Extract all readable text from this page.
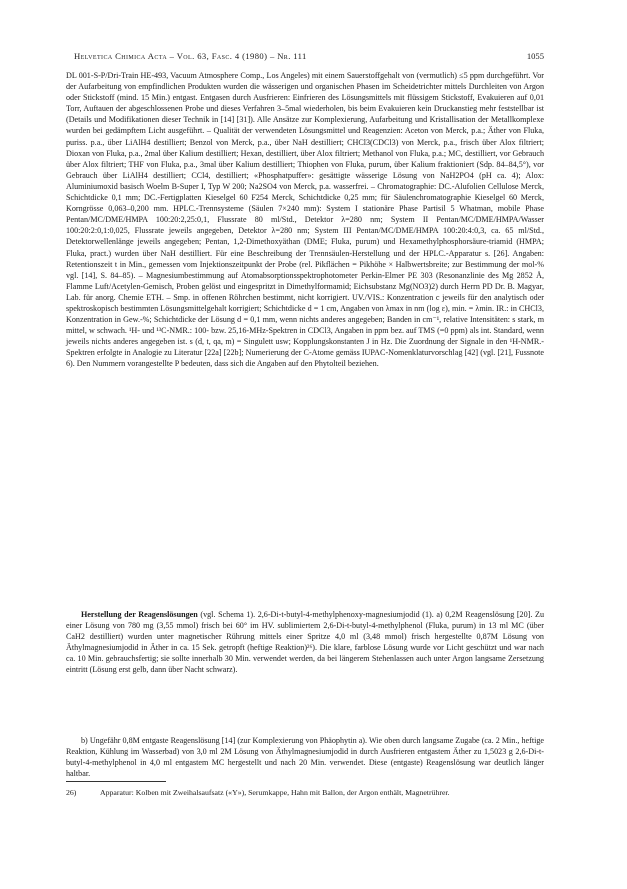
Helvetica Chimica Acta – Vol. 63, Fasc. 4 (1980) – Nr. 111	1055

DL 001-S-P/Dri-Train HE-493, Vacuum Atmosphere Comp., Los Angeles) mit einem Sauerstoffgehalt von (vermutlich) ≤5 ppm durchgeführt. Vor der Aufarbeitung von empfindlichen Produkten wurden die wässerigen und organischen Phasen im Scheidetrichter mittels Durchleiten von Argon oder Stickstoff (mind. 15 Min.) entgast. Entgasen durch Ausfrieren: Einfrieren des Lösungsmittels mit flüssigem Stickstoff, Evakuieren auf 0,01 Torr, Auftauen der abgeschlossenen Probe und dieses Verfahren 3–5mal wiederholen, bis beim Evakuieren kein Druckanstieg mehr feststellbar ist (Details und Modifikationen dieser Technik in [14] [31]). Alle Ansätze zur Komplexierung, Aufarbeitung und Kristallisation der Metallkomplexe wurden bei gedämpftem Licht ausgeführt. – Qualität der verwendeten Lösungsmittel und Reagenzien: Aceton von Merck, p.a.; Äther von Fluka, puriss. p.a., über LiAlH4 destilliert; Benzol von Merck, p.a., über NaH destilliert; CHCl3(CDCl3) von Merck, p.a., frisch über Alox filtriert; Dioxan von Fluka, p.a., 2mal über Kalium destilliert; Hexan, destilliert, über Alox filtriert; Methanol von Fluka, p.a.; MC, destilliert, vor Gebrauch über Alox filtriert; THF von Fluka, p.a., 3mal über Kalium destilliert; Thiophen von Fluka, purum, über Kalium fraktioniert (Sdp. 84–84,5°), vor Gebrauch über LiAlH4 destilliert; CCl4, destilliert; «Phosphatpuffer»: gesättigte wässerige Lösung von NaH2PO4 (pH ca. 4); Alox: Aluminiumoxid basisch Woelm B-Super I, Typ W 200; Na2SO4 von Merck, p.a. wasserfrei. – Chromatographie: DC.-Alufolien Cellulose Merck, Schichtdicke 0,1 mm; DC.-Fertigplatten Kieselgel 60 F254 Merck, Schichtdicke 0,25 mm; für Säulenchromatographie Kieselgel 60 Merck, Korngrösse 0,063–0,200 mm. HPLC.-Trennsysteme (Säulen 7×240 mm): System I stationäre Phase Partisil 5 Whatman, mobile Phase Pentan/MC/DME/HMPA 100:20:2,25:0,1, Flussrate 80 ml/Std., Detektor λ=280 nm; System II Pentan/MC/DME/HMPA/Wasser 100:20:2:0,1:0,025, Flussrate jeweils angegeben, Detektor λ=280 nm; System III Pentan/MC/DME/HMPA 100:20:4:0,3, ca. 65 ml/Std., Detektorwellenlänge jeweils angegeben; Pentan, 1,2-Dimethoxyäthan (DME; Fluka, purum) und Hexamethylphosphorsäure-triamid (HMPA; Fluka, pract.) wurden über NaH destilliert. Für eine Beschreibung der Trennsäulen-Herstellung und der HPLC.-Apparatur s. [26]. Angaben: Retentionszeit t in Min., gemessen vom Injektionszeitpunkt der Probe (rel. Pikflächen = Pikhöhe × Halbwertsbreite; zur Bestimmung der mol-% vgl. [14], S. 84–85). – Magnesiumbestimmung auf Atomabsorptionsspektrophotometer Perkin-Elmer PE 303 (Resonanzlinie des Mg 2852 Å, Flamme Luft/Acetylen-Gemisch, Proben gelöst und eingespritzt in Dimethylformamid; Eichsubstanz Mg(NO3)2) durch Herrn PD Dr. B. Magyar, Lab. für anorg. Chemie ETH. – Smp. in offenen Röhrchen bestimmt, nicht korrigiert. UV./VIS.: Konzentration c jeweils für den analytisch oder spektroskopisch bestimmten Lösungsmittelgehalt korrigiert; Schichtdicke d = 1 cm, Angaben von λmax in nm (log ε), min. = λmin. IR.: in CHCl3, Konzentration in Gew.-%; Schichtdicke der Lösung d = 0,1 mm, wenn nichts anderes angegeben; Banden in cm⁻¹, relative Intensitäten: s stark, m mittel, w schwach. ¹H- und ¹³C-NMR.: 100- bzw. 25,16-MHz-Spektren in CDCl3, Angaben in ppm bez. auf TMS (=0 ppm) als int. Standard, wenn jeweils nichts anderes angegeben ist. s (d, t, qa, m) = Singulett usw; Kopplungskonstanten J in Hz. Die Zuordnung der Signale in den ¹H-NMR.-Spektren erfolgte in Analogie zu Literatur [22a] [22b]; Numerierung der C-Atome gemäss IUPAC-Nomenklaturvorschlag [42] (vgl. [21], Fussnote 6). Den Nummern vorangestellte P bedeuten, dass sich die Angaben auf den Phytolteil beziehen.

Herstellung der Reagenslösungen (vgl. Schema 1). 2,6-Di-t-butyl-4-methylphenoxy-magnesiumjodid (1). a) 0,2M Reagenslösung [20]. Zu einer Lösung von 780 mg (3,55 mmol) frisch bei 60° im HV. sublimiertem 2,6-Di-t-butyl-4-methylphenol (Fluka, purum) in 13 ml MC (über CaH2 destilliert) wurden unter magnetischer Rührung mittels einer Spritze 4,0 ml (3,48 mmol) frisch hergestellte 0,87M Lösung von Äthylmagnesiumjodid in Äther in ca. 15 Sek. getropft (heftige Reaktion)²⁶). Die klare, farblose Lösung wurde vor Licht geschützt und war nach ca. 10 Min. gebrauchsfertig; sie sollte innerhalb 30 Min. verwendet werden, da bei längerem Stehenlassen auch unter Argon langsame Zersetzung eintritt (Lösung erst gelb, dann über Nacht schwarz).

b) Ungefähr 0,8M entgaste Reagenslösung [14] (zur Komplexierung von Phäophytin a). Wie oben durch langsame Zugabe (ca. 2 Min., heftige Reaktion, Kühlung im Wasserbad) von 3,0 ml 2M Lösung von Äthylmagnesiumjodid in durch Ausfrieren entgastem Äther zu 1,5023 g 2,6-Di-t-butyl-4-methylphenol in 4,0 ml entgastem MC hergestellt und nach 20 Min. verwendet. Diese (entgaste) Reagenslösung war deutlich länger haltbar.

26)	Apparatur: Kolben mit Zweihalsaufsatz («Y»), Serumkappe, Hahn mit Ballon, der Argon enthält, Magnetrührer.
